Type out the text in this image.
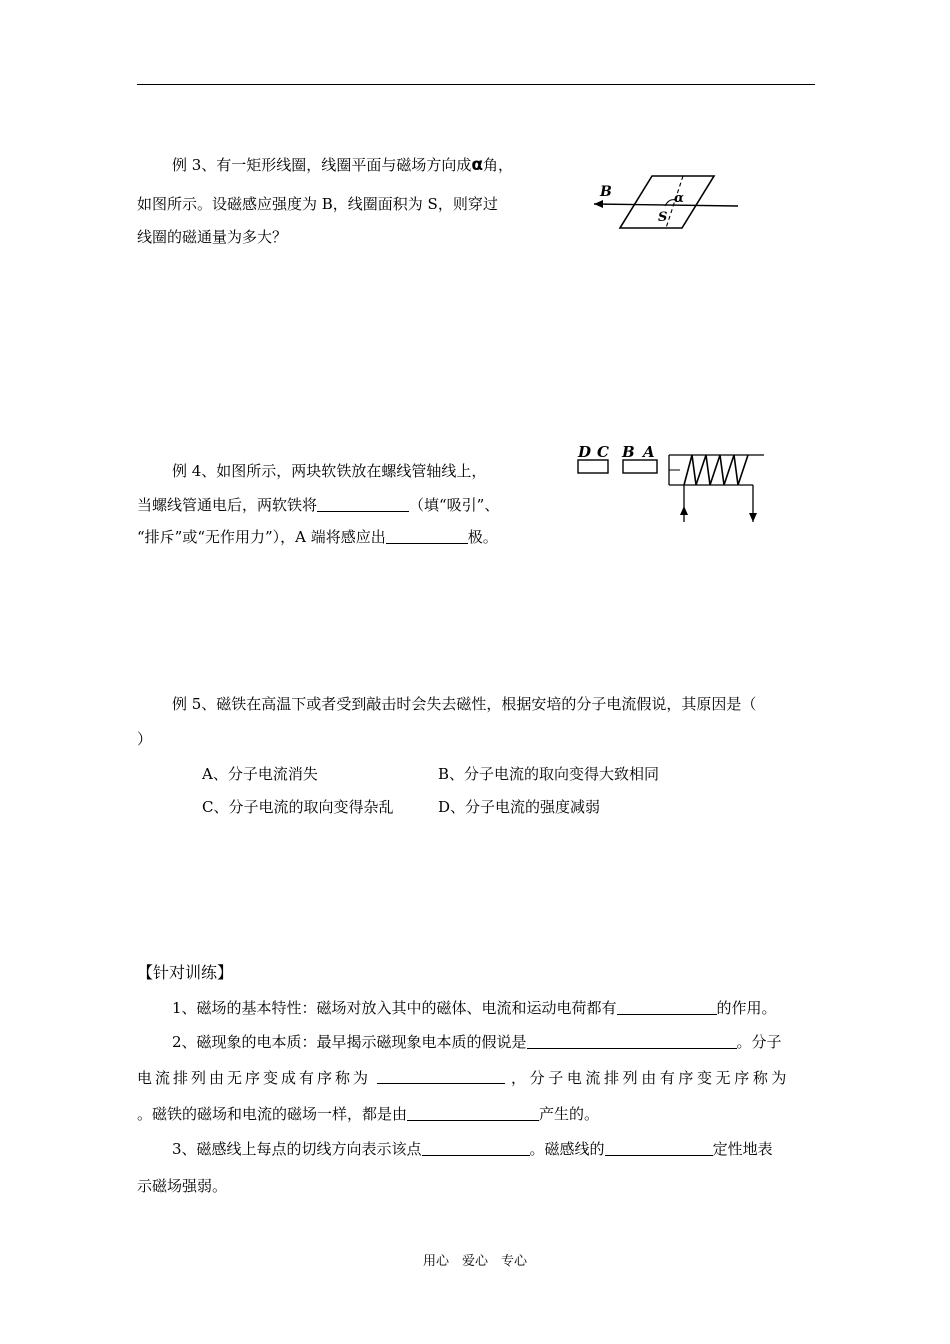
例 3、有一矩形线圈，线圈平面与磁场方向成α角，
如图所示。设磁感应强度为 B，线圈面积为 S，则穿过
线圈的磁通量为多大？
B	α
S
例 4、如图所示，两块软铁放在螺线管轴线上，
当螺线管通电后，两软铁将	（填“吸引”、
“排斥”或“无作用力”），A 端将感应出	极。
D C B A
例 5、磁铁在高温下或者受到敲击时会失去磁性，根据安培的分子电流假说，其原因是（
）
A、分子电流消失	B、分子电流的取向变得大致相同
C、分子电流的取向变得杂乱	D、分子电流的强度减弱
【针对训练】
1、磁场的基本特性：磁场对放入其中的磁体、电流和运动电荷都有	的作用。
2、磁现象的电本质：最早揭示磁现象电本质的假说是	。分子
电流排列由无序变成有序称为	，分子电流排列由有序变无序称为
。磁铁的磁场和电流的磁场一样，都是由	产生的。
3、磁感线上每点的切线方向表示该点	。磁感线的	定性地表
示磁场强弱。
用心　爱心　专心
